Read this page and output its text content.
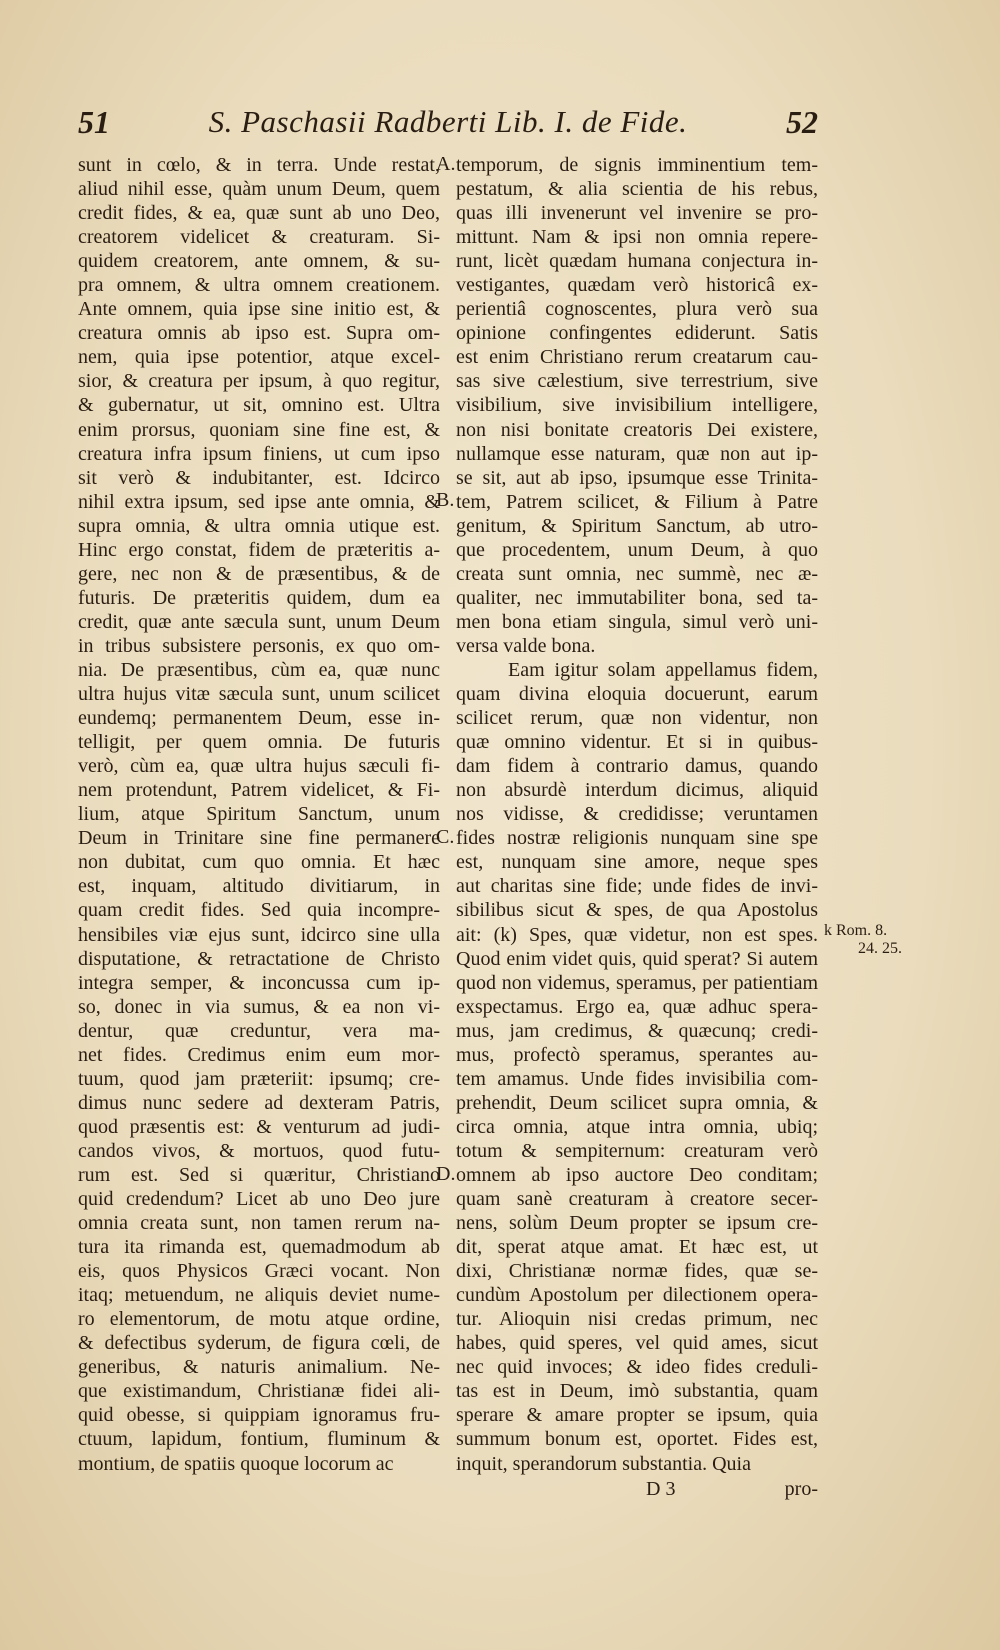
51	S. Paschasii Radberti Lib. I. de Fide.	52
sunt in cœlo, & in terra. Unde restat,
aliud nihil esse, quàm unum Deum, quem
credit fides, & ea, quæ sunt ab uno Deo,
creatorem videlicet & creaturam. Si-
quidem creatorem, ante omnem, & su-
pra omnem, & ultra omnem creationem.
Ante omnem, quia ipse sine initio est, &
creatura omnis ab ipso est. Supra om-
nem, quia ipse potentior, atque excel-
sior, & creatura per ipsum, à quo regitur,
& gubernatur, ut sit, omnino est. Ultra
enim prorsus, quoniam sine fine est, &
creatura infra ipsum finiens, ut cum ipso
sit verò & indubitanter, est. Idcirco
nihil extra ipsum, sed ipse ante omnia, &
supra omnia, & ultra omnia utique est.
Hinc ergo constat, fidem de præteritis a-
gere, nec non & de præsentibus, & de
futuris. De præteritis quidem, dum ea
credit, quæ ante sæcula sunt, unum Deum
in tribus subsistere personis, ex quo om-
nia. De præsentibus, cùm ea, quæ nunc
ultra hujus vitæ sæcula sunt, unum scilicet
eundemq; permanentem Deum, esse in-
telligit, per quem omnia. De futuris
verò, cùm ea, quæ ultra hujus sæculi fi-
nem protendunt, Patrem videlicet, & Fi-
lium, atque Spiritum Sanctum, unum
Deum in Trinitare sine fine permanere
non dubitat, cum quo omnia. Et hæc
est, inquam, altitudo divitiarum, in
quam credit fides. Sed quia incompre-
hensibiles viæ ejus sunt, idcirco sine ulla
disputatione, & retractatione de Christo
integra semper, & inconcussa cum ip-
so, donec in via sumus, & ea non vi-
dentur, quæ creduntur, vera ma-
net fides. Credimus enim eum mor-
tuum, quod jam præteriit: ipsumq; cre-
dimus nunc sedere ad dexteram Patris,
quod præsentis est: & venturum ad judi-
candos vivos, & mortuos, quod futu-
rum est. Sed si quæritur, Christiano
quid credendum? Licet ab uno Deo jure
omnia creata sunt, non tamen rerum na-
tura ita rimanda est, quemadmodum ab
eis, quos Physicos Græci vocant. Non
itaq; metuendum, ne aliquis deviet nume-
ro elementorum, de motu atque ordine,
& defectibus syderum, de figura cœli, de
generibus, & naturis animalium. Ne-
que existimandum, Christianæ fidei ali-
quid obesse, si quippiam ignoramus fru-
ctuum, lapidum, fontium, fluminum &
montium, de spatiis quoque locorum ac
temporum, de signis imminentium tem-
pestatum, & alia scientia de his rebus,
quas illi invenerunt vel invenire se pro-
mittunt. Nam & ipsi non omnia repere-
runt, licèt quædam humana conjectura in-
vestigantes, quædam verò historicâ ex-
perientiâ cognoscentes, plura verò sua
opinione confingentes ediderunt. Satis
est enim Christiano rerum creatarum cau-
sas sive cælestium, sive terrestrium, sive
visibilium, sive invisibilium intelligere,
non nisi bonitate creatoris Dei existere,
nullamque esse naturam, quæ non aut ip-
se sit, aut ab ipso, ipsumque esse Trinita-
tem, Patrem scilicet, & Filium à Patre
genitum, & Spiritum Sanctum, ab utro-
que procedentem, unum Deum, à quo
creata sunt omnia, nec summè, nec æ-
qualiter, nec immutabiliter bona, sed ta-
men bona etiam singula, simul verò uni-
versa valde bona.
Eam igitur solam appellamus fidem,
quam divina eloquia docuerunt, earum
scilicet rerum, quæ non videntur, non
quæ omnino videntur. Et si in quibus-
dam fidem à contrario damus, quando
non absurdè interdum dicimus, aliquid
nos vidisse, & credidisse; veruntamen
fides nostræ religionis nunquam sine spe
est, nunquam sine amore, neque spes
aut charitas sine fide; unde fides de invi-
sibilibus sicut & spes, de qua Apostolus
ait: (k) Spes, quæ videtur, non est spes.
Quod enim videt quis, quid sperat? Si autem
quod non videmus, speramus, per patientiam
exspectamus. Ergo ea, quæ adhuc spera-
mus, jam credimus, & quæcunq; credi-
mus, profectò speramus, sperantes au-
tem amamus. Unde fides invisibilia com-
prehendit, Deum scilicet supra omnia, &
circa omnia, atque intra omnia, ubiq;
totum & sempiternum: creaturam verò
omnem ab ipso auctore Deo conditam;
quam sanè creaturam à creatore secer-
nens, solùm Deum propter se ipsum cre-
dit, sperat atque amat. Et hæc est, ut
dixi, Christianæ normæ fides, quæ se-
cundùm Apostolum per dilectionem opera-
tur. Alioquin nisi credas primum, nec
habes, quid speres, vel quid ames, sicut
nec quid invoces; & ideo fides creduli-
tas est in Deum, imò substantia, quam
sperare & amare propter se ipsum, quia
summum bonum est, oportet. Fides est,
inquit, sperandorum substantia. Quia
A.
B.
C.
D.
k Rom. 8.
24. 25.
D 3	pro-
